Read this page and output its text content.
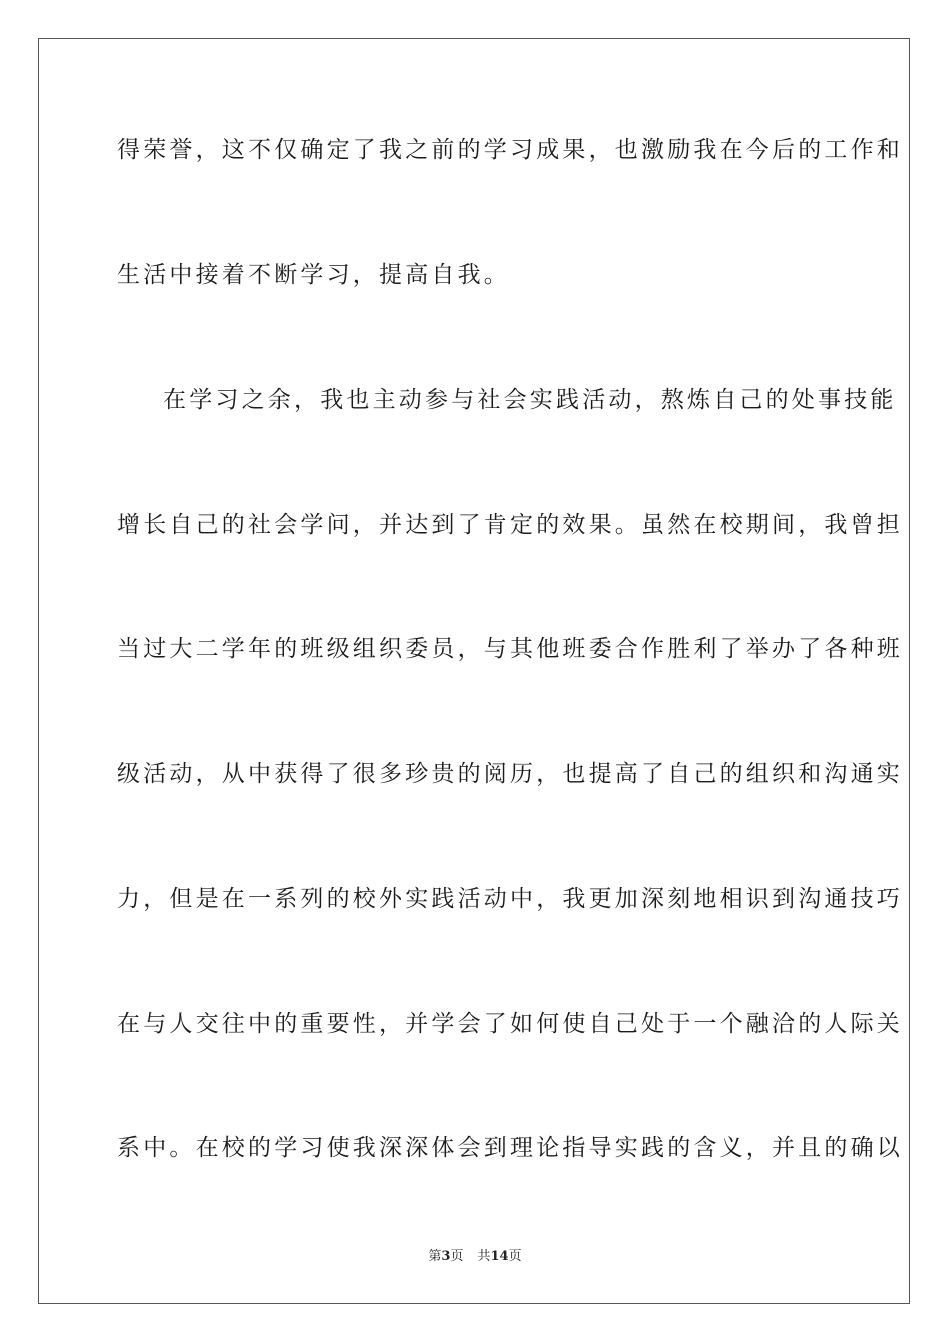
得荣誉，这不仅确定了我之前的学习成果，也激励我在今后的工作和
生活中接着不断学习，提高自我。
在学习之余，我也主动参与社会实践活动，熬炼自己的处事技能
增长自己的社会学问，并达到了肯定的效果。虽然在校期间，我曾担
当过大二学年的班级组织委员，与其他班委合作胜利了举办了各种班
级活动，从中获得了很多珍贵的阅历，也提高了自己的组织和沟通实
力，但是在一系列的校外实践活动中，我更加深刻地相识到沟通技巧
在与人交往中的重要性，并学会了如何使自己处于一个融洽的人际关
系中。在校的学习使我深深体会到理论指导实践的含义，并且的确以
第3页 共14页
